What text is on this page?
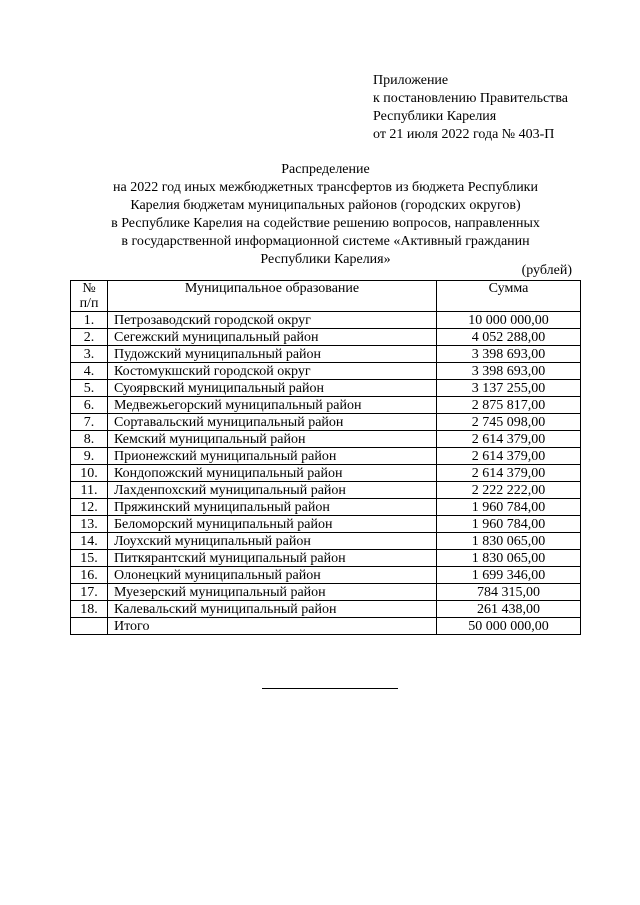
Приложение
к постановлению Правительства
Республики Карелия
от 21 июля 2022 года № 403-П
Распределение
на 2022 год иных межбюджетных трансфертов из бюджета Республики
Карелия бюджетам муниципальных районов (городских округов)
в Республике Карелия на содействие решению вопросов, направленных
в государственной информационной системе «Активный гражданин
Республики Карелия»
(рублей)
№
п/п	Муниципальное образование	Сумма
1.	Петрозаводский городской округ	10 000 000,00
2.	Сегежский муниципальный район	4 052 288,00
3.	Пудожский муниципальный район	3 398 693,00
4.	Костомукшский городской округ	3 398 693,00
5.	Суоярвский муниципальный район	3 137 255,00
6.	Медвежьегорский муниципальный район	2 875 817,00
7.	Сортавальский муниципальный район	2 745 098,00
8.	Кемский муниципальный район	2 614 379,00
9.	Прионежский муниципальный район	2 614 379,00
10.	Кондопожский муниципальный район	2 614 379,00
11.	Лахденпохский муниципальный район	2 222 222,00
12.	Пряжинский муниципальный район	1 960 784,00
13.	Беломорский муниципальный район	1 960 784,00
14.	Лоухский муниципальный район	1 830 065,00
15.	Питкярантский муниципальный район	1 830 065,00
16.	Олонецкий муниципальный район	1 699 346,00
17.	Муезерский муниципальный район	784 315,00
18.	Калевальский муниципальный район	261 438,00
	Итого	50 000 000,00
